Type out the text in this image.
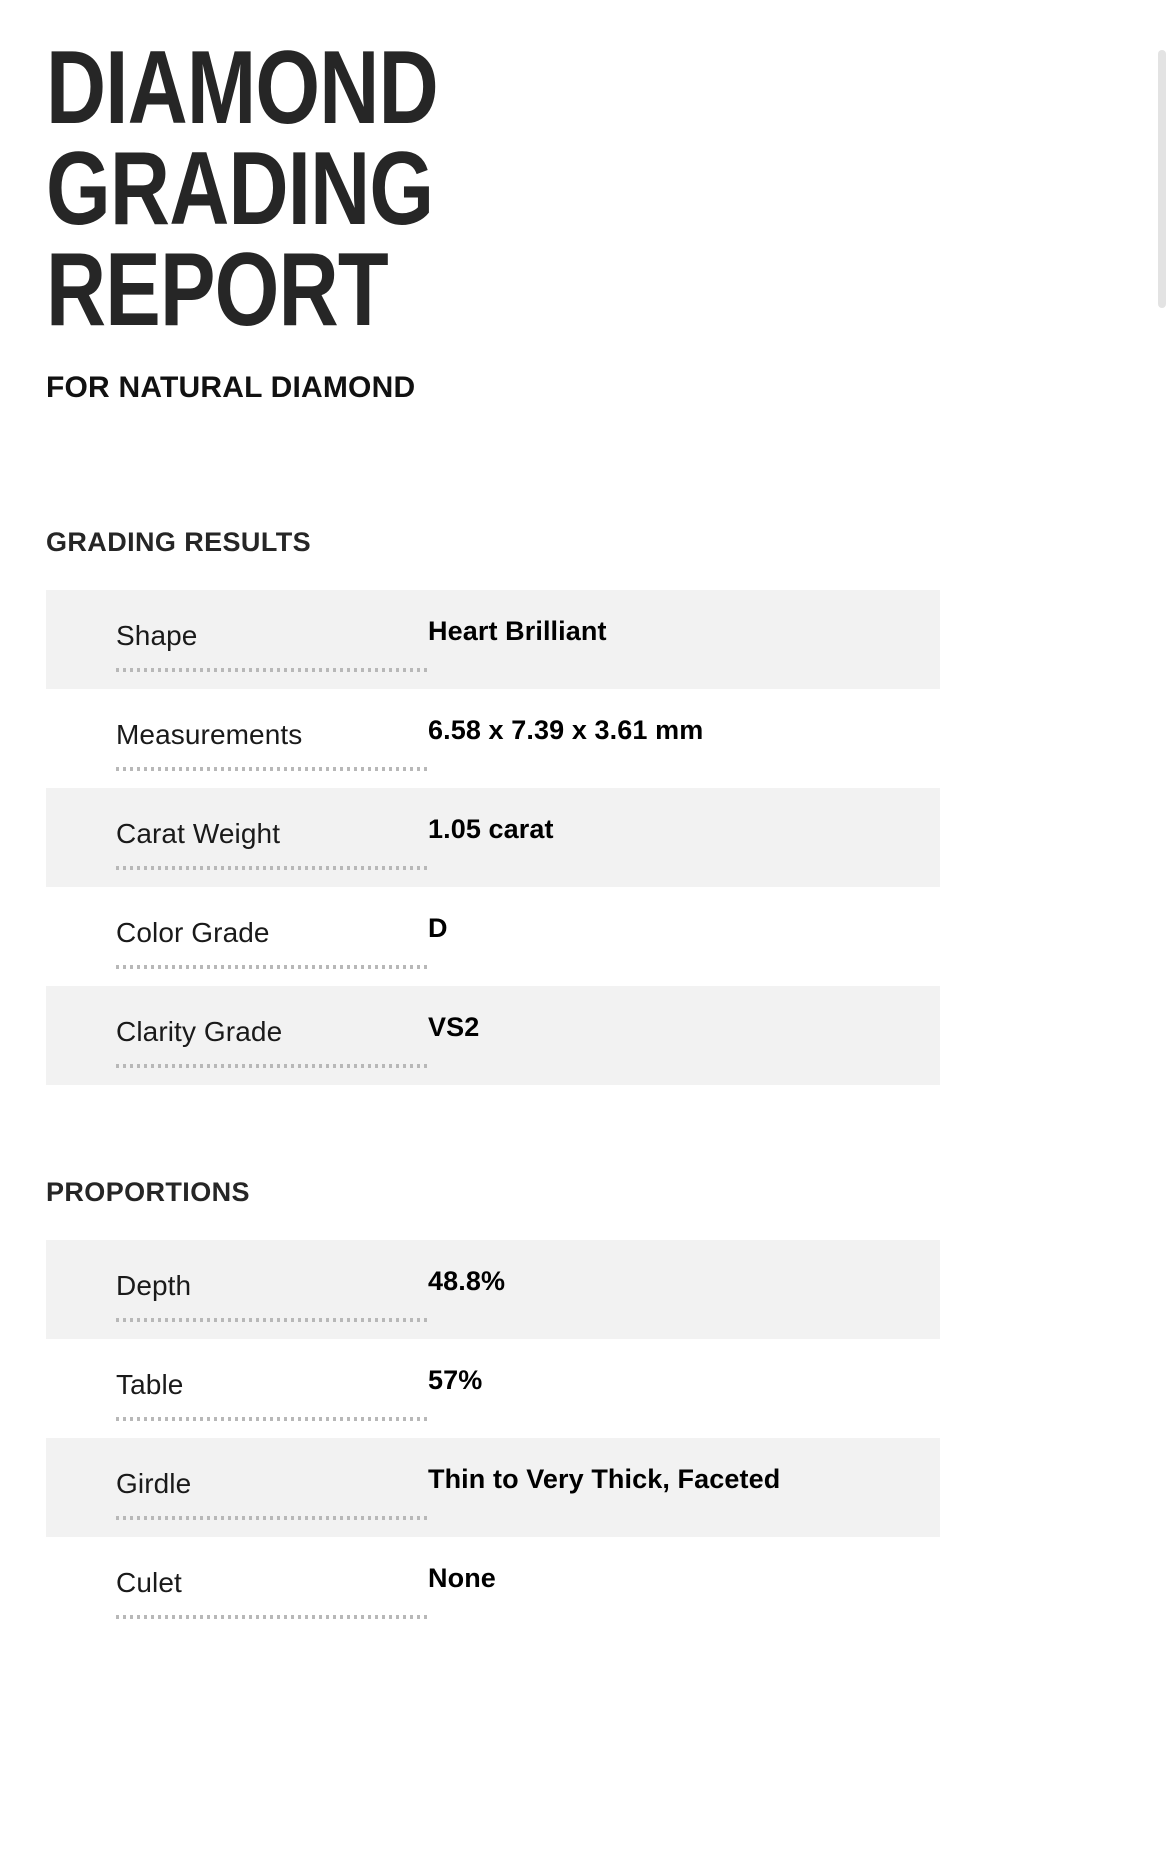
DIAMOND GRADING
REPORT
FOR NATURAL DIAMOND
GRADING RESULTS
Shape	Heart Brilliant
Measurements	6.58 x 7.39 x 3.61 mm
Carat Weight	1.05 carat
Color Grade	D
Clarity Grade	VS2
PROPORTIONS
Depth	48.8%
Table	57%
Girdle	Thin to Very Thick, Faceted
Culet	None
